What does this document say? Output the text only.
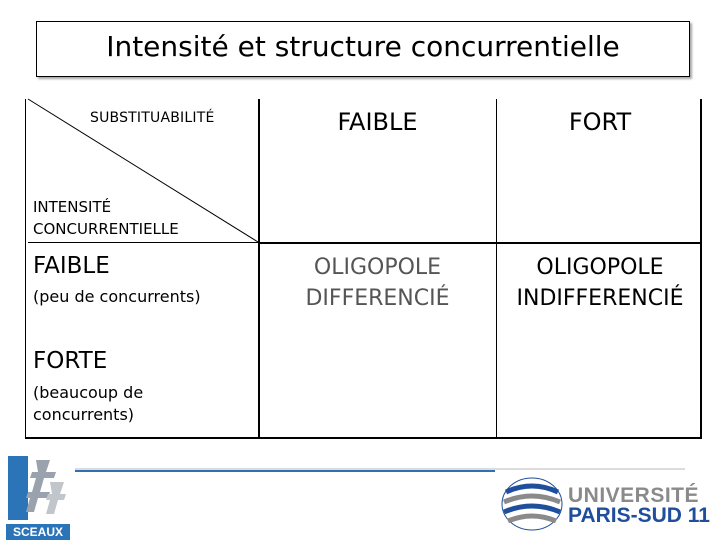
Intensité et structure concurrentielle
SUBSTITUABILITÉ
INTENSITÉ
CONCURRENTIELLE
FAIBLE	FORT
FAIBLE
(peu de concurrents)
FORTE
(beaucoup de
concurrents)
OLIGOPOLE
DIFFERENCIÉ
OLIGOPOLE
INDIFFERENCIÉ
SCEAUX
UNIVERSITÉ
PARIS-SUD 11
